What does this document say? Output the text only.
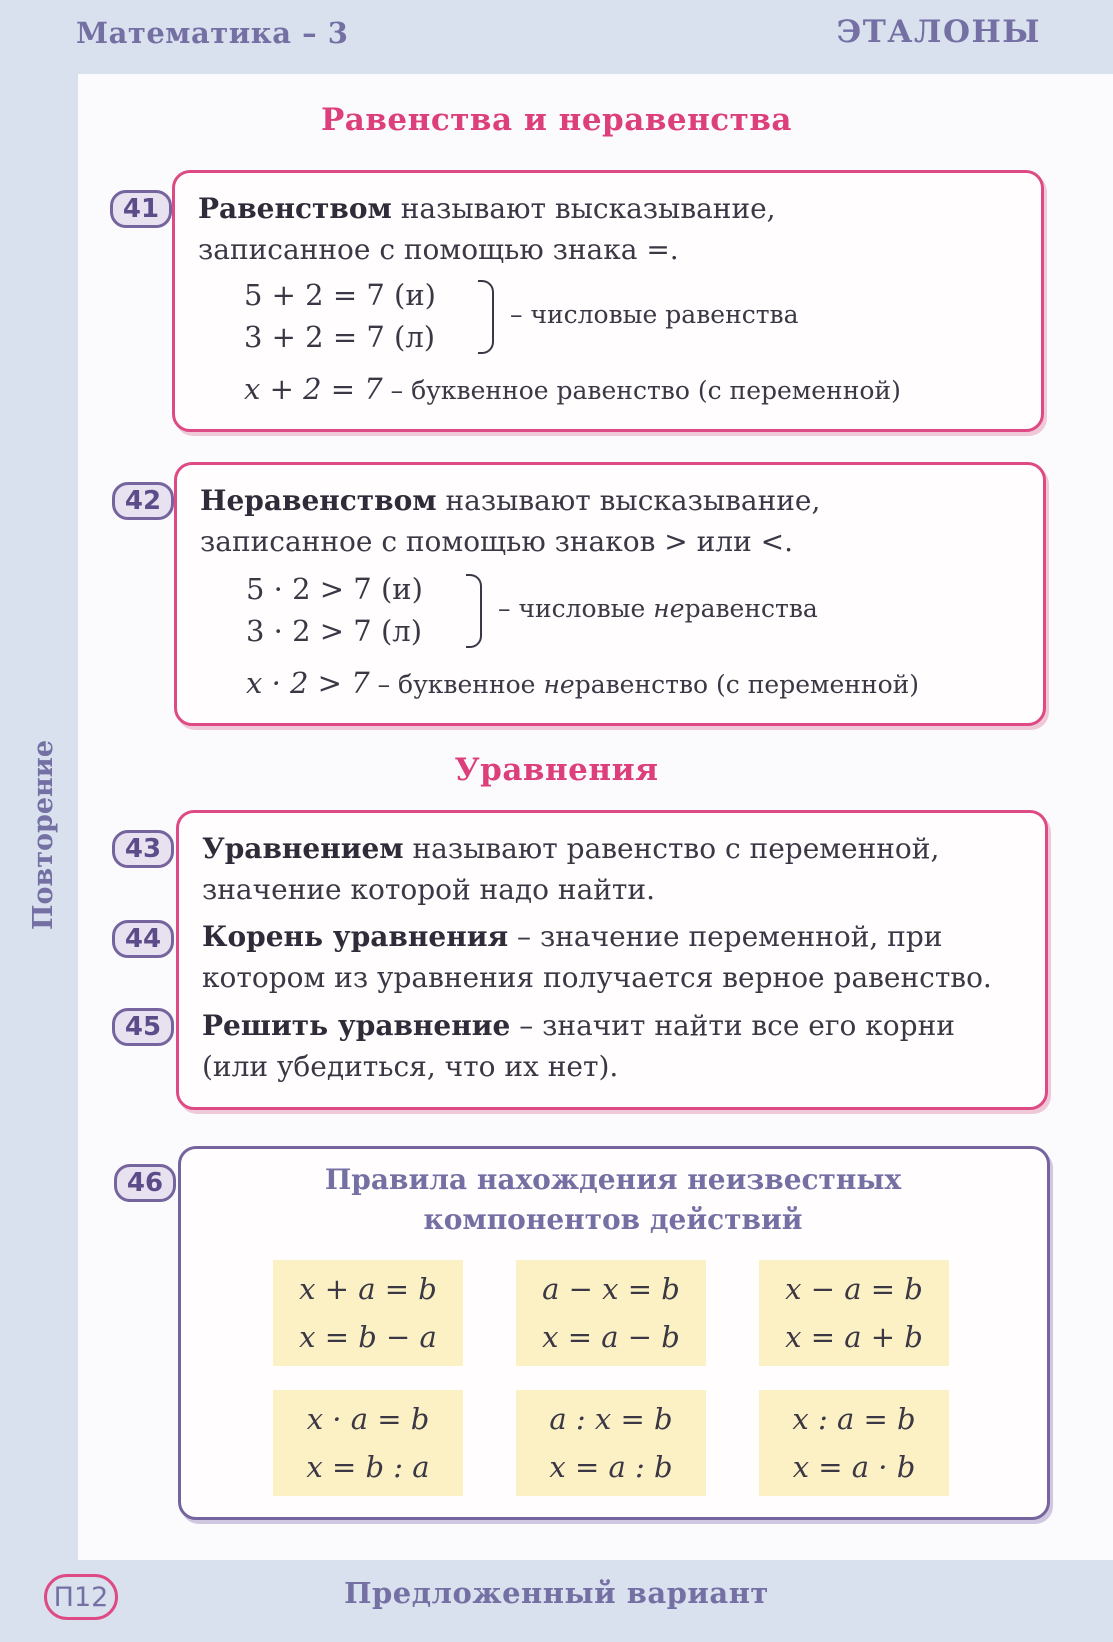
Математика – 3	ЭТАЛОНЫ
Повторение
Равенства и неравенства
41	Равенством называют высказывание,
записанное с помощью знака =.
5 + 2 = 7 (и)
3 + 2 = 7 (л)
– числовые равенства
x + 2 = 7 – буквенное равенство (с переменной)
42	Неравенством называют высказывание,
записанное с помощью знаков > или <.
5 · 2 > 7 (и)
3 · 2 > 7 (л)
– числовые неравенства
x · 2 > 7 – буквенное неравенство (с переменной)
Уравнения
43	Уравнением называют равенство с переменной,
значение которой надо найти.
44	Корень уравнения – значение переменной, при
котором из уравнения получается верное равенство.
45	Решить уравнение – значит найти все его корни
(или убедиться, что их нет).
46	Правила нахождения неизвестных
компонентов действий
x + a = b
x = b − a
a − x = b
x = a − b
x − a = b
x = a + b
x · a = b
x = b : a
a : x = b
x = a : b
x : a = b
x = a · b
П12	Предложенный вариант
